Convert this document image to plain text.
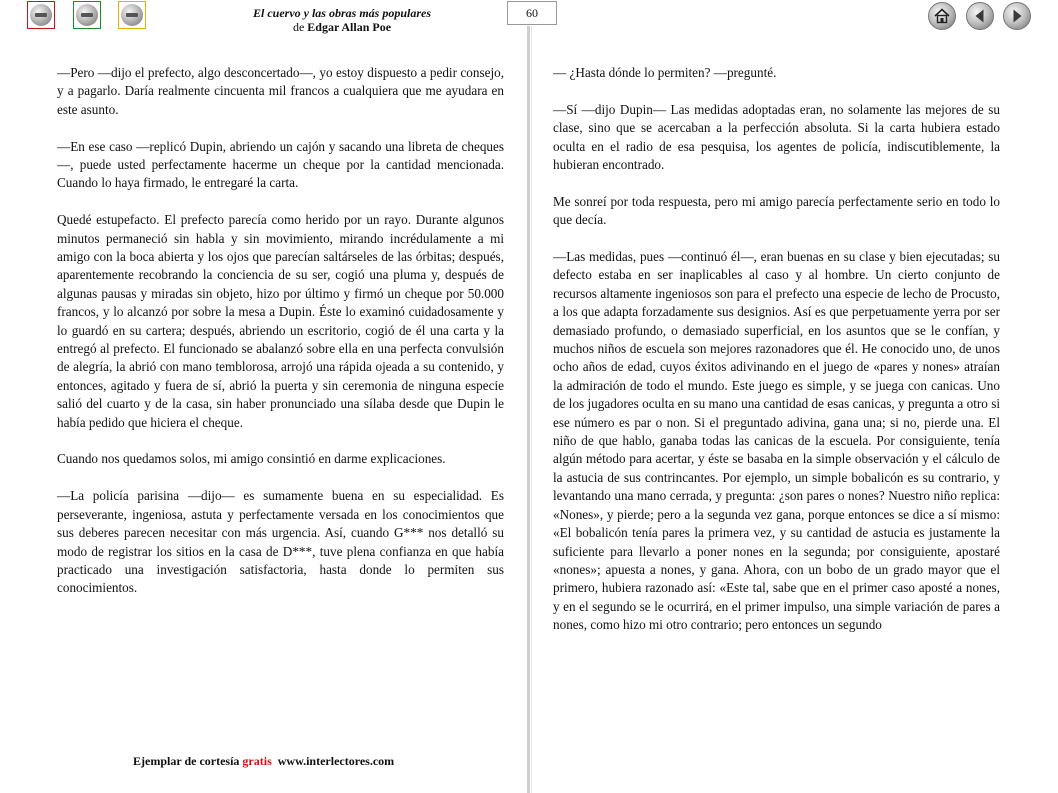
El cuervo y las obras más populares
de Edgar Allan Poe
60

—Pero —dijo el prefecto, algo desconcertado—, yo estoy dispuesto a pedir consejo, y a pagarlo. Daría realmente cincuenta mil francos a cualquiera que me ayudara en este asunto.

—En ese caso —replicó Dupin, abriendo un cajón y sacando una libreta de cheques—, puede usted perfectamente hacerme un cheque por la cantidad mencionada. Cuando lo haya firmado, le entregaré la carta.

Quedé estupefacto. El prefecto parecía como herido por un rayo. Durante algunos minutos permaneció sin habla y sin movimiento, mirando incrédulamente a mi amigo con la boca abierta y los ojos que parecían saltárseles de las órbitas; después, aparentemente recobrando la conciencia de su ser, cogió una pluma y, después de algunas pausas y miradas sin objeto, hizo por último y firmó un cheque por 50.000 francos, y lo alcanzó por sobre la mesa a Dupin. Éste lo examinó cuidadosamente y lo guardó en su cartera; después, abriendo un escritorio, cogió de él una carta y la entregó al prefecto. El funcionado se abalanzó sobre ella en una perfecta convulsión de alegría, la abrió con mano temblorosa, arrojó una rápida ojeada a su contenido, y entonces, agitado y fuera de sí, abrió la puerta y sin ceremonia de ninguna especie salió del cuarto y de la casa, sin haber pronunciado una sílaba desde que Dupin le había pedido que hiciera el cheque.

Cuando nos quedamos solos, mi amigo consintió en darme explicaciones.

—La policía parisina —dijo— es sumamente buena en su especialidad. Es perseverante, ingeniosa, astuta y perfectamente versada en los conocimientos que sus deberes parecen necesitar con más urgencia. Así, cuando G*** nos detalló su modo de registrar los sitios en la casa de D***, tuve plena confianza en que había practicado una investigación satisfactoria, hasta donde lo permiten sus conocimientos.

— ¿Hasta dónde lo permiten? —pregunté.

—Sí —dijo Dupin— Las medidas adoptadas eran, no solamente las mejores de su clase, sino que se acercaban a la perfección absoluta. Si la carta hubiera estado oculta en el radio de esa pesquisa, los agentes de policía, indiscutiblemente, la hubieran encontrado.

Me sonreí por toda respuesta, pero mi amigo parecía perfectamente serio en todo lo que decía.

—Las medidas, pues —continuó él—, eran buenas en su clase y bien ejecutadas; su defecto estaba en ser inaplicables al caso y al hombre. Un cierto conjunto de recursos altamente ingeniosos son para el prefecto una especie de lecho de Procusto, a los que adapta forzadamente sus designios. Así es que perpetuamente yerra por ser demasiado profundo, o demasiado superficial, en los asuntos que se le confían, y muchos niños de escuela son mejores razonadores que él. He conocido uno, de unos ocho años de edad, cuyos éxitos adivinando en el juego de «pares y nones» atraían la admiración de todo el mundo. Este juego es simple, y se juega con canicas. Uno de los jugadores oculta en su mano una cantidad de esas canicas, y pregunta a otro si ese número es par o non. Si el preguntado adivina, gana una; si no, pierde una. El niño de que hablo, ganaba todas las canicas de la escuela. Por consiguiente, tenía algún método para acertar, y éste se basaba en la simple observación y el cálculo de la astucia de sus contrincantes. Por ejemplo, un simple bobalicón es su contrario, y levantando una mano cerrada, y pregunta: ¿son pares o nones? Nuestro niño replica: «Nones», y pierde; pero a la segunda vez gana, porque entonces se dice a sí mismo: «El bobalicón tenía pares la primera vez, y su cantidad de astucia es justamente la suficiente para llevarlo a poner nones en la segunda; por consiguiente, apostaré «nones»; apuesta a nones, y gana. Ahora, con un bobo de un grado mayor que el primero, hubiera razonado así: «Este tal, sabe que en el primer caso aposté a nones, y en el segundo se le ocurrirá, en el primer impulso, una simple variación de pares a nones, como hizo mi otro contrario; pero entonces un segundo

Ejemplar de cortesía gratis www.interlectores.com
